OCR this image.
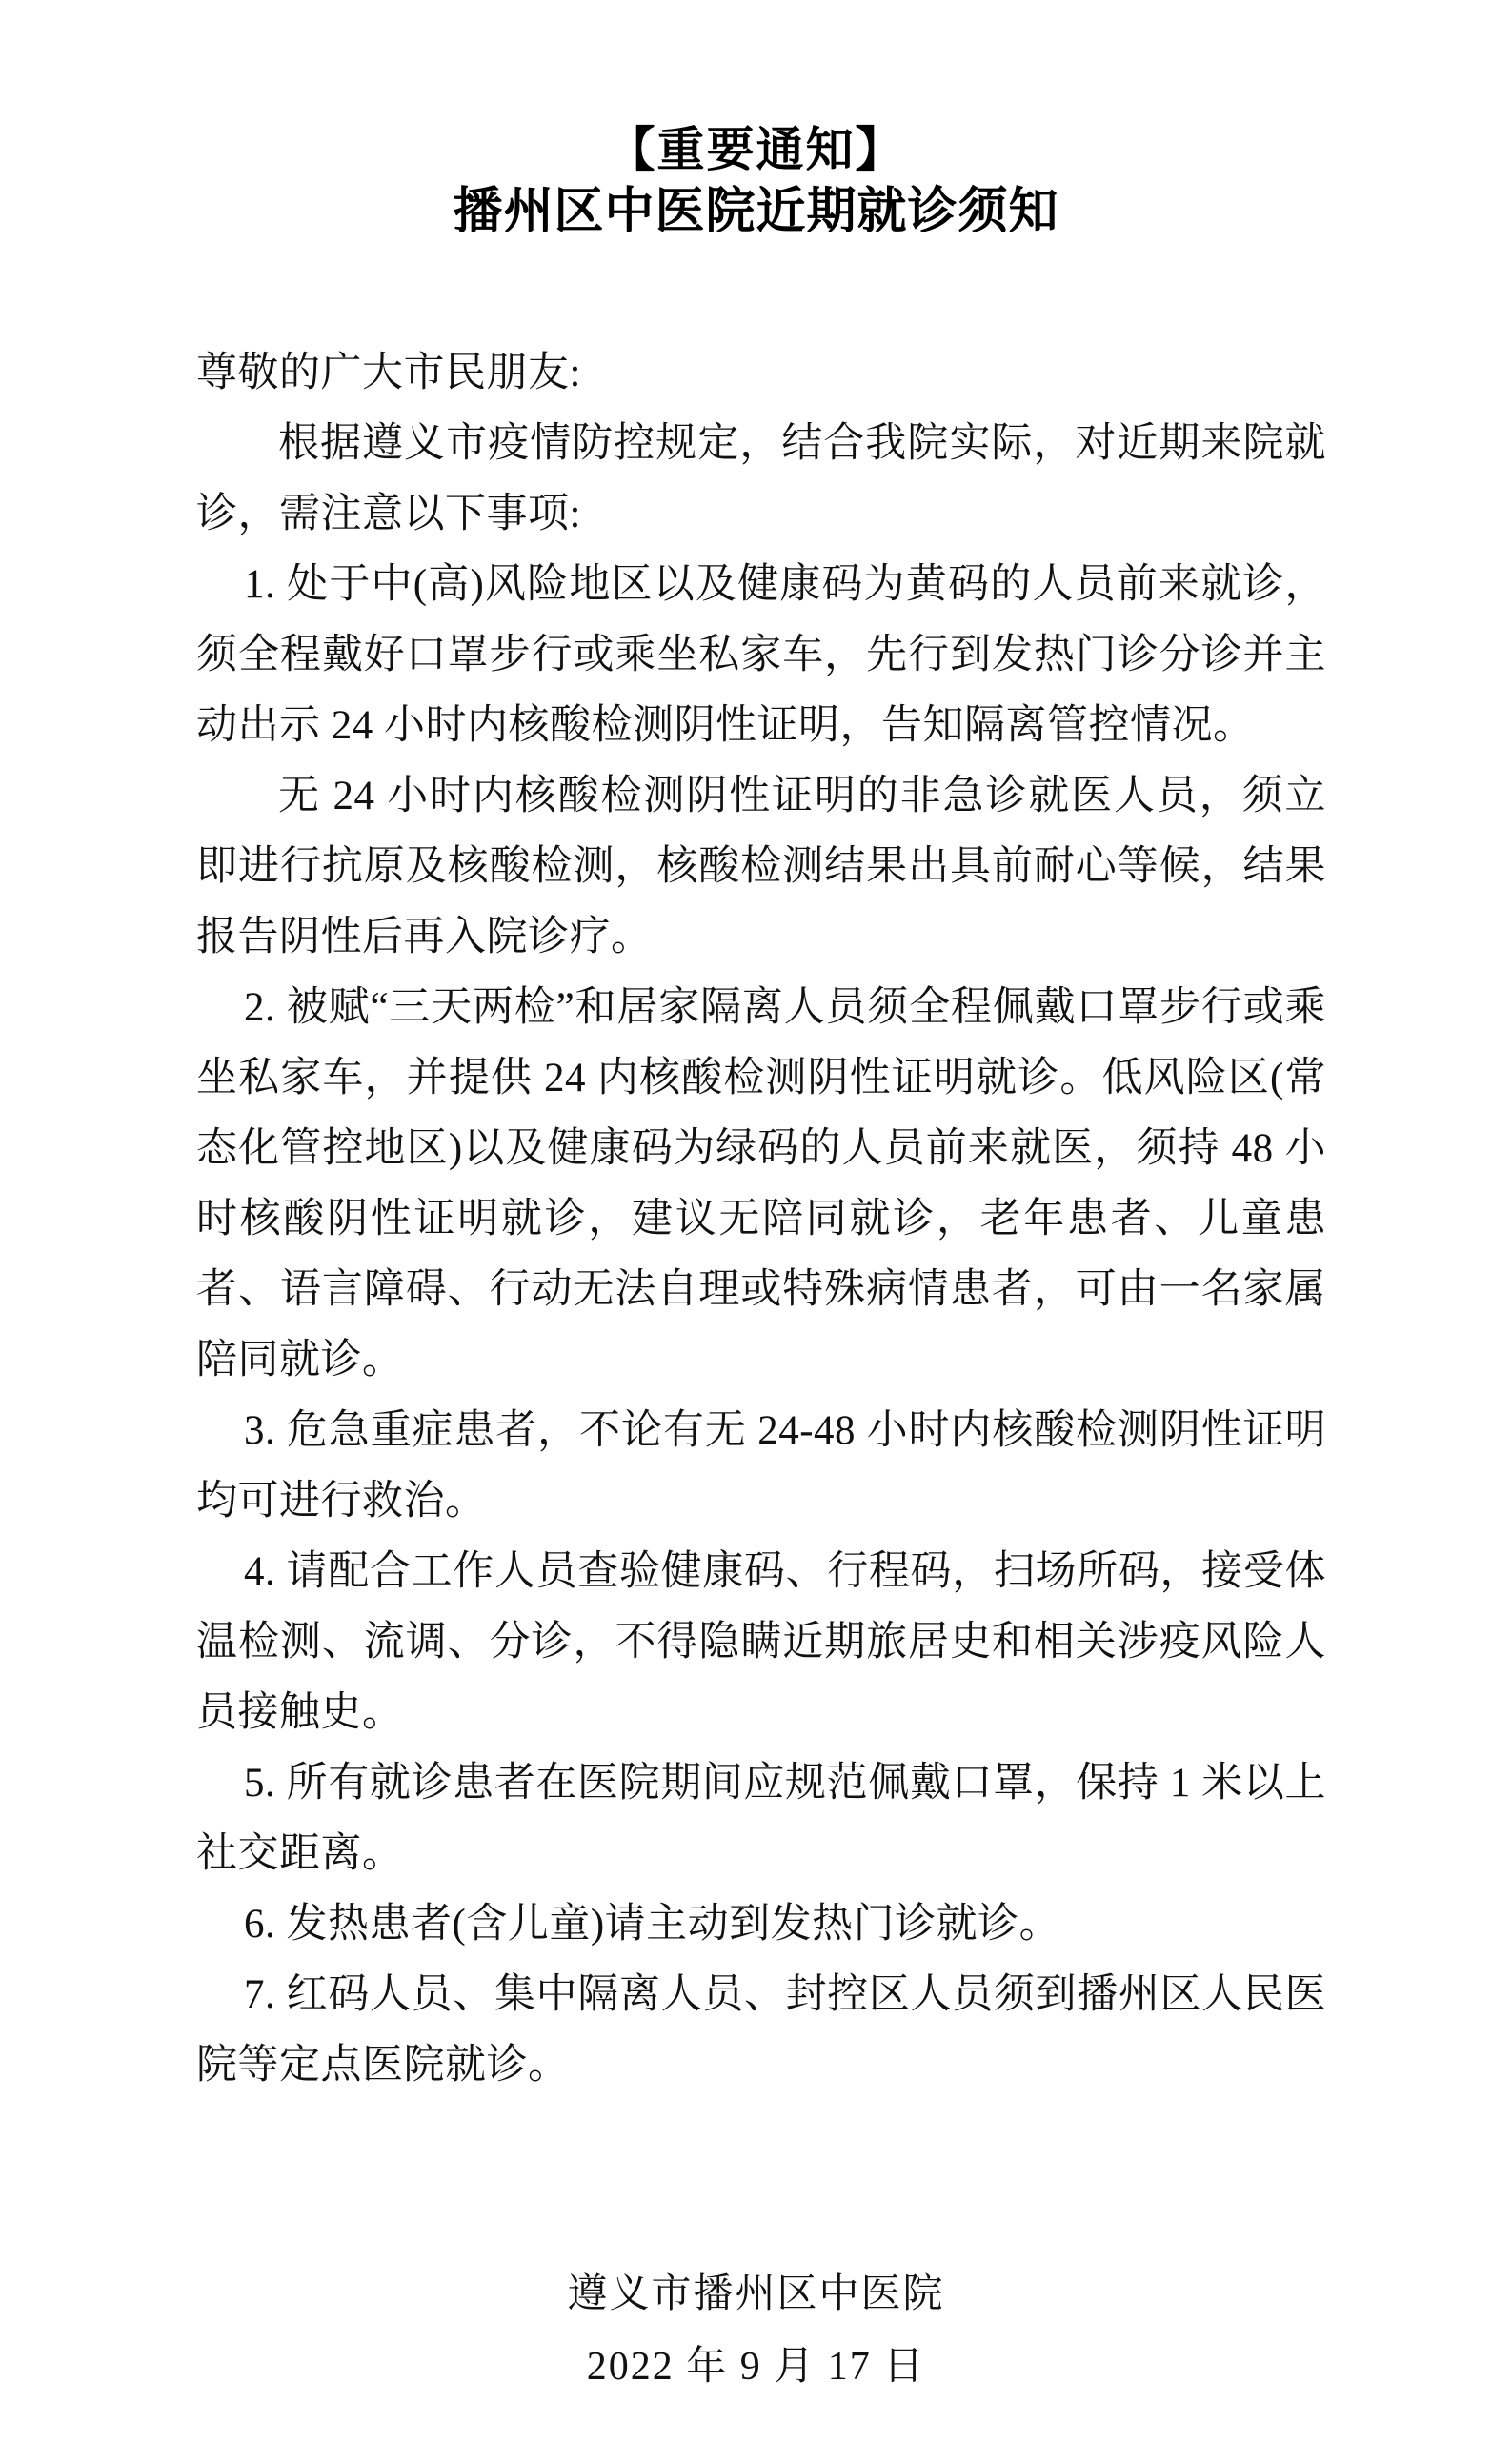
【重要通知】
播州区中医院近期就诊须知

尊敬的广大市民朋友:

根据遵义市疫情防控规定，结合我院实际，对近期来院就诊，需注意以下事项:

1. 处于中(高)风险地区以及健康码为黄码的人员前来就诊，须全程戴好口罩步行或乘坐私家车，先行到发热门诊分诊并主动出示 24 小时内核酸检测阴性证明，告知隔离管控情况。

无 24 小时内核酸检测阴性证明的非急诊就医人员，须立即进行抗原及核酸检测，核酸检测结果出具前耐心等候，结果报告阴性后再入院诊疗。

2. 被赋“三天两检”和居家隔离人员须全程佩戴口罩步行或乘坐私家车，并提供 24 内核酸检测阴性证明就诊。低风险区(常态化管控地区)以及健康码为绿码的人员前来就医，须持 48 小时核酸阴性证明就诊，建议无陪同就诊，老年患者、儿童患者、语言障碍、行动无法自理或特殊病情患者，可由一名家属陪同就诊。

3. 危急重症患者，不论有无 24-48 小时内核酸检测阴性证明均可进行救治。

4. 请配合工作人员查验健康码、行程码，扫场所码，接受体温检测、流调、分诊，不得隐瞒近期旅居史和相关涉疫风险人员接触史。

5. 所有就诊患者在医院期间应规范佩戴口罩，保持 1 米以上社交距离。

6. 发热患者(含儿童)请主动到发热门诊就诊。

7. 红码人员、集中隔离人员、封控区人员须到播州区人民医院等定点医院就诊。

遵义市播州区中医院
2022 年 9 月 17 日
